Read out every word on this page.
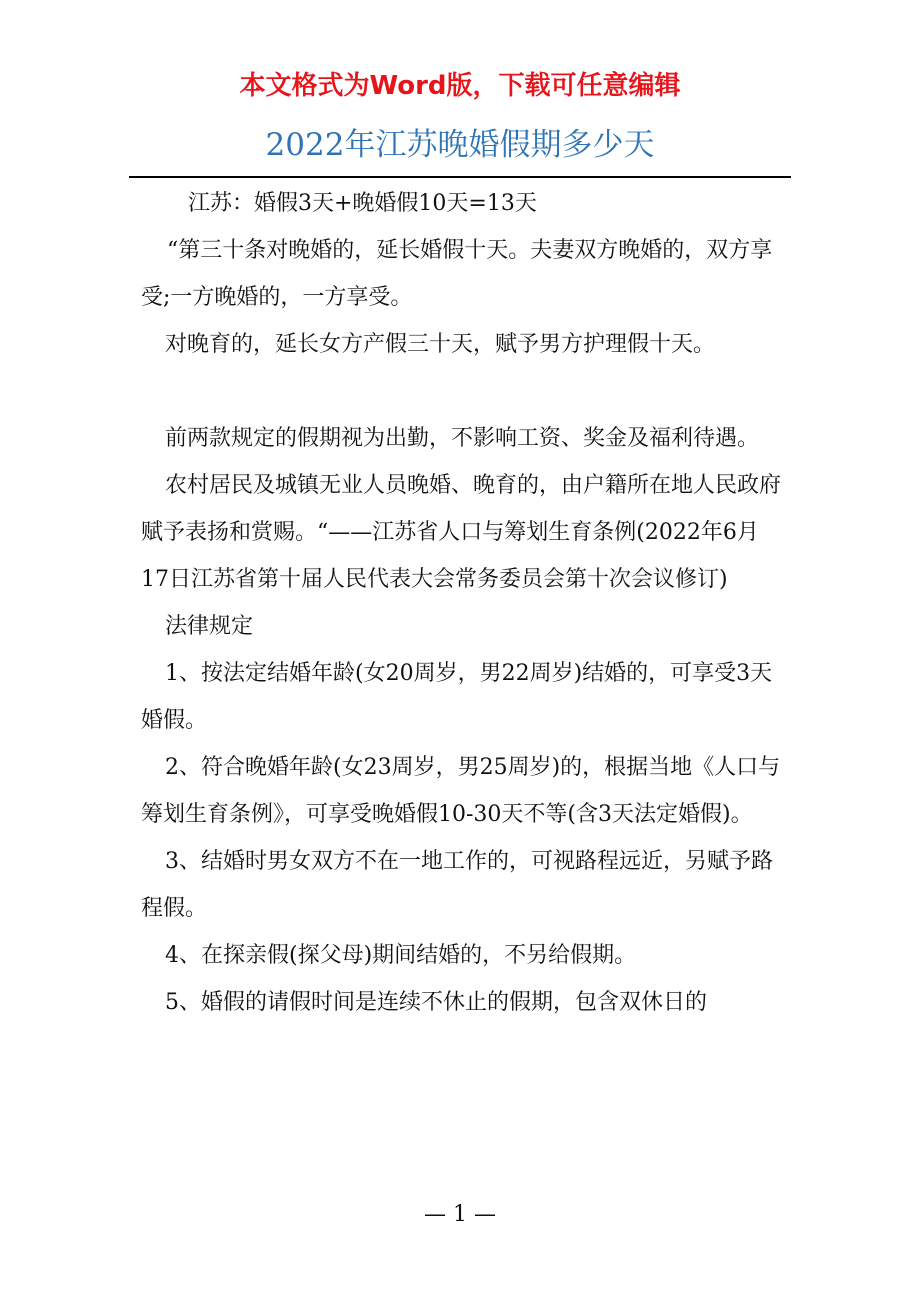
本文格式为Word版，下载可任意编辑
2022年江苏晚婚假期多少天

江苏：婚假3天+晚婚假10天=13天

“第三十条对晚婚的，延长婚假十天。夫妻双方晚婚的，双方享受;一方晚婚的，一方享受。

对晚育的，延长女方产假三十天，赋予男方护理假十天。

前两款规定的假期视为出勤，不影响工资、奖金及福利待遇。

农村居民及城镇无业人员晚婚、晚育的，由户籍所在地人民政府赋予表扬和赏赐。“——江苏省人口与筹划生育条例(2022年6月17日江苏省第十届人民代表大会常务委员会第十次会议修订)

法律规定

1、按法定结婚年龄(女20周岁，男22周岁)结婚的，可享受3天婚假。

2、符合晚婚年龄(女23周岁，男25周岁)的，根据当地《人口与筹划生育条例》，可享受晚婚假10-30天不等(含3天法定婚假)。

3、结婚时男女双方不在一地工作的，可视路程远近，另赋予路程假。

4、在探亲假(探父母)期间结婚的，不另给假期。

5、婚假的请假时间是连续不休止的假期，包含双休日的

— 1 —
